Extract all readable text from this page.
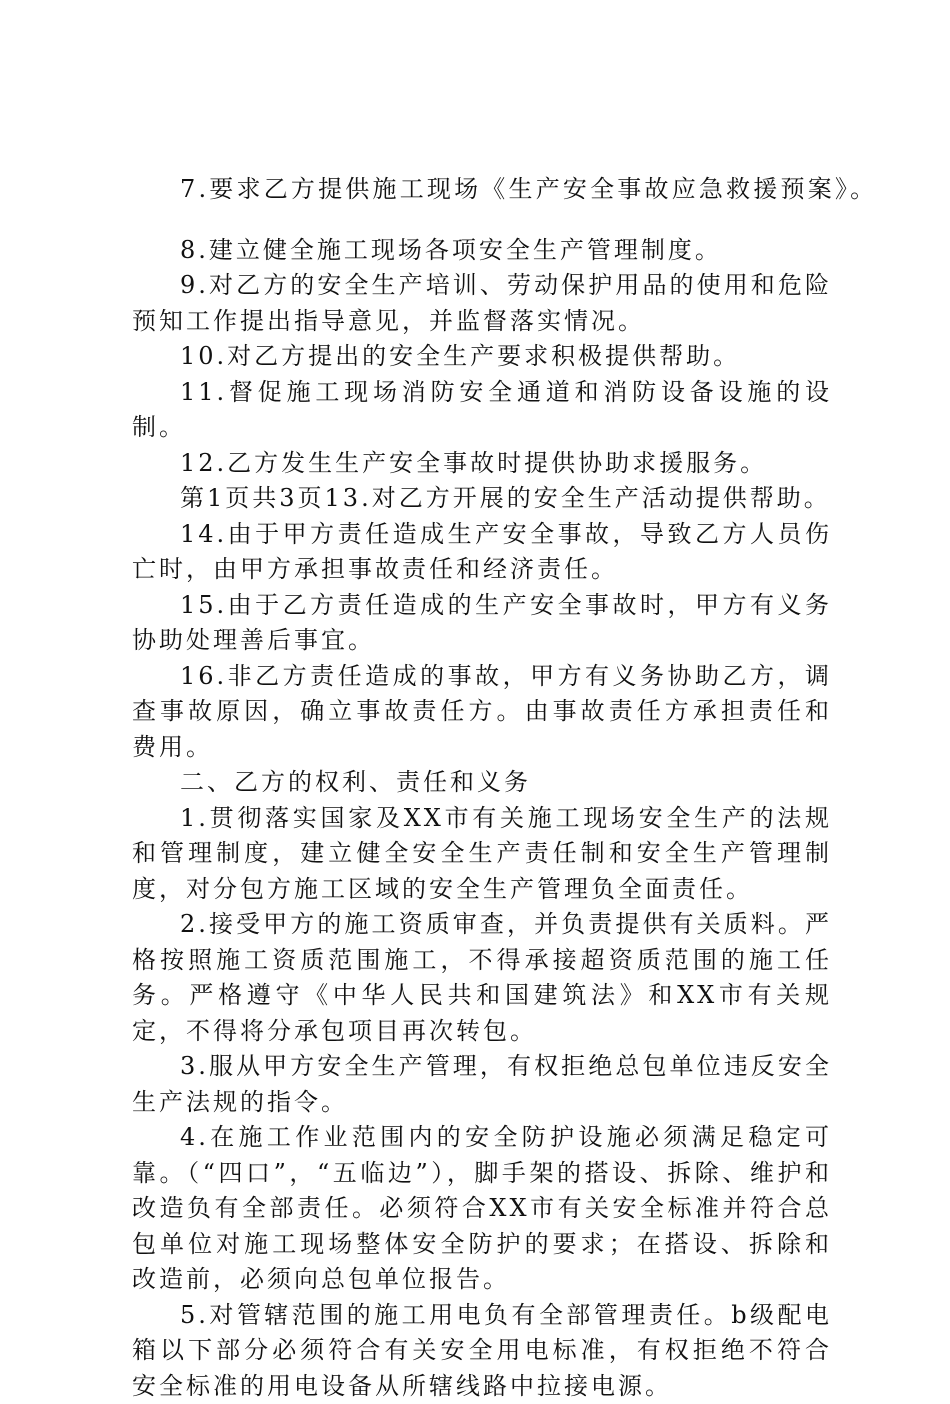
7.要求乙方提供施工现场《生产安全事故应急救援预案》。

8.建立健全施工现场各项安全生产管理制度。

9.对乙方的安全生产培训、劳动保护用品的使用和危险预知工作提出指导意见，并监督落实情况。

10.对乙方提出的安全生产要求积极提供帮助。

11.督促施工现场消防安全通道和消防设备设施的设制。

12.乙方发生生产安全事故时提供协助求援服务。

第1页共3页13.对乙方开展的安全生产活动提供帮助。

14.由于甲方责任造成生产安全事故，导致乙方人员伤亡时，由甲方承担事故责任和经济责任。

15.由于乙方责任造成的生产安全事故时，甲方有义务协助处理善后事宜。

16.非乙方责任造成的事故，甲方有义务协助乙方，调查事故原因，确立事故责任方。由事故责任方承担责任和费用。

二、乙方的权利、责任和义务

1.贯彻落实国家及XX市有关施工现场安全生产的法规和管理制度，建立健全安全生产责任制和安全生产管理制度，对分包方施工区域的安全生产管理负全面责任。

2.接受甲方的施工资质审查，并负责提供有关质料。严格按照施工资质范围施工，不得承接超资质范围的施工任务。严格遵守《中华人民共和国建筑法》和XX市有关规定，不得将分承包项目再次转包。

3.服从甲方安全生产管理，有权拒绝总包单位违反安全生产法规的指令。

4.在施工作业范围内的安全防护设施必须满足稳定可靠。（“四口”，“五临边”），脚手架的搭设、拆除、维护和改造负有全部责任。必须符合XX市有关安全标准并符合总包单位对施工现场整体安全防护的要求；在搭设、拆除和改造前，必须向总包单位报告。

5.对管辖范围的施工用电负有全部管理责任。b级配电箱以下部分必须符合有关安全用电标准，有权拒绝不符合安全标准的用电设备从所辖线路中拉接电源。
